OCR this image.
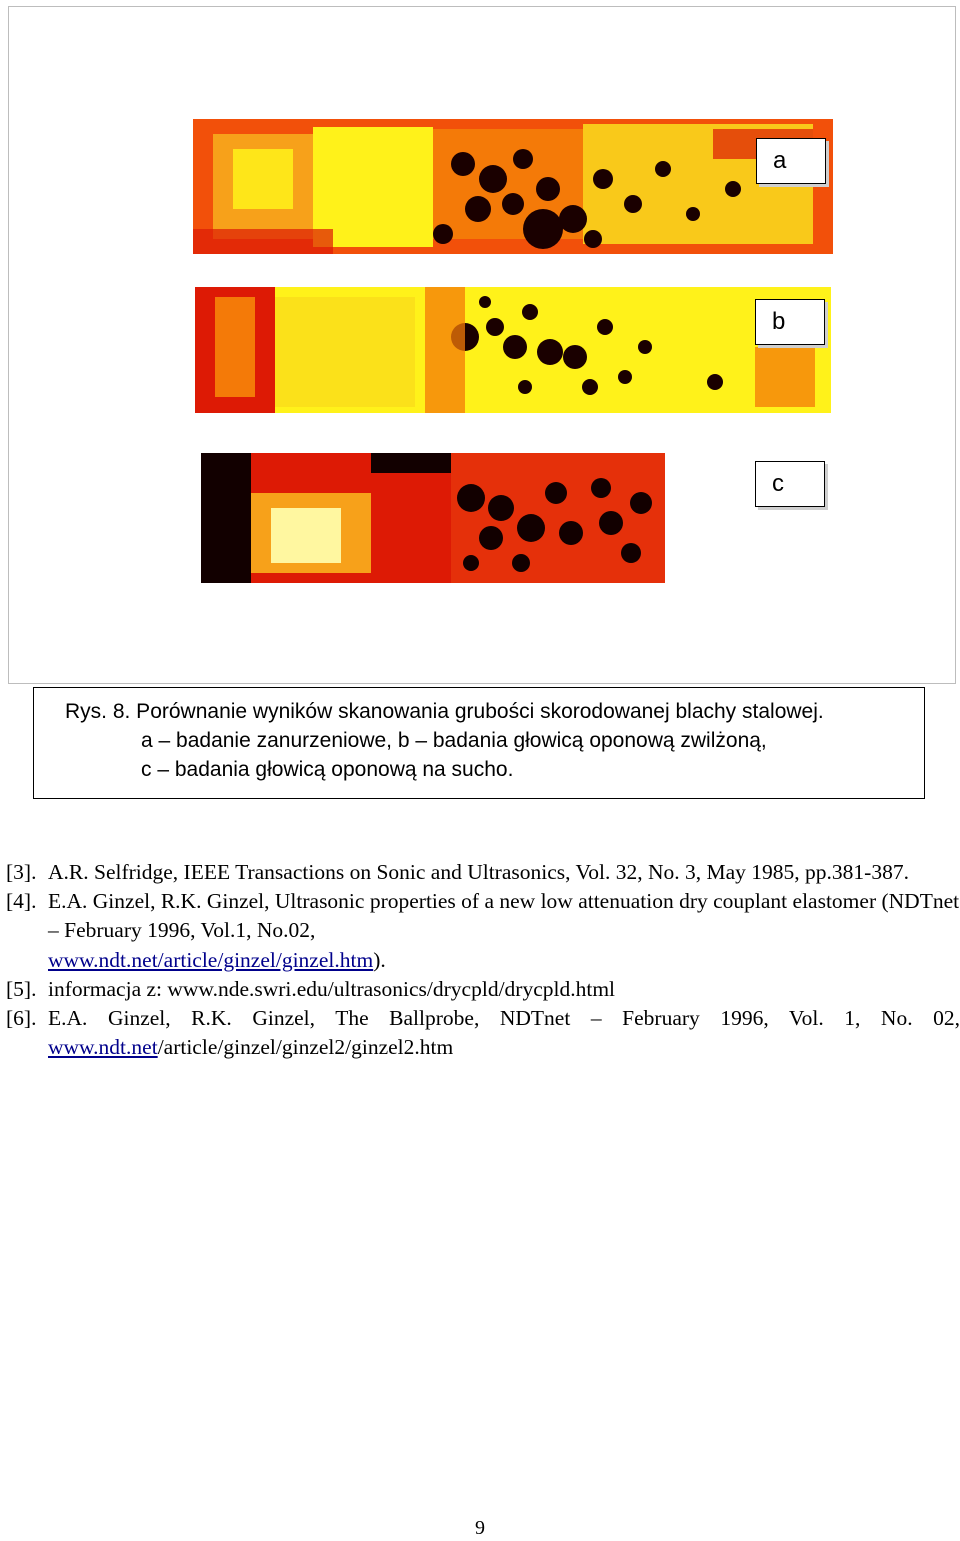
a
b
c
Rys. 8. Porównanie wyników skanowania grubości skorodowanej blachy stalowej.
a – badanie zanurzeniowe, b – badania głowicą oponową zwilżoną,
c – badania głowicą oponową na sucho.
[3]. A.R. Selfridge, IEEE Transactions on Sonic and Ultrasonics, Vol. 32, No. 3, May 1985, pp.381-387.
[4]. E.A. Ginzel, R.K. Ginzel, Ultrasonic properties of a new low attenuation dry couplant elastomer (NDTnet – February 1996, Vol.1, No.02,
www.ndt.net/article/ginzel/ginzel.htm).
[5]. informacja z: www.nde.swri.edu/ultrasonics/drycpld/drycpld.html
[6]. E.A. Ginzel, R.K. Ginzel, The Ballprobe, NDTnet – February 1996, Vol. 1, No. 02, www.ndt.net/article/ginzel/ginzel2/ginzel2.htm
9
